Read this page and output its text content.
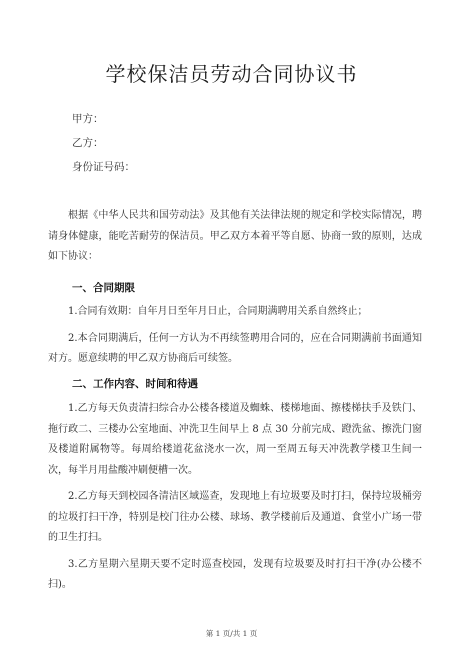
学校保洁员劳动合同协议书
甲方：
乙方：
身份证号码：

根据《中华人民共和国劳动法》及其他有关法律法规的规定和学校实际情况，聘请身体健康，能吃苦耐劳的保洁员。甲乙双方本着平等自愿、协商一致的原则，达成如下协议：

一、合同期限

1.合同有效期：自年月日至年月日止，合同期满聘用关系自然终止；

2.本合同期满后，任何一方认为不再续签聘用合同的，应在合同期满前书面通知对方。愿意续聘的甲乙双方协商后可续签。

二、工作内容、时间和待遇

1.乙方每天负责清扫综合办公楼各楼道及蜘蛛、楼梯地面、擦楼梯扶手及铁门、拖行政二、三楼办公室地面、冲洗卫生间早上 8 点 30 分前完成、蹬洗盆、擦洗门窗及楼道附属物等。每周给楼道花盆浇水一次，周一至周五每天冲洗教学楼卫生间一次，每半月用盐酸冲刷便槽一次。

2.乙方每天到校园各清洁区域巡查，发现地上有垃圾要及时打扫，保持垃圾桶旁的垃圾打扫干净，特别是校门往办公楼、球场、教学楼前后及通道、食堂小广场一带的卫生打扫。

3.乙方星期六星期天要不定时巡查校园，发现有垃圾要及时打扫干净(办公楼不扫)。

第 1 页/共 1 页
